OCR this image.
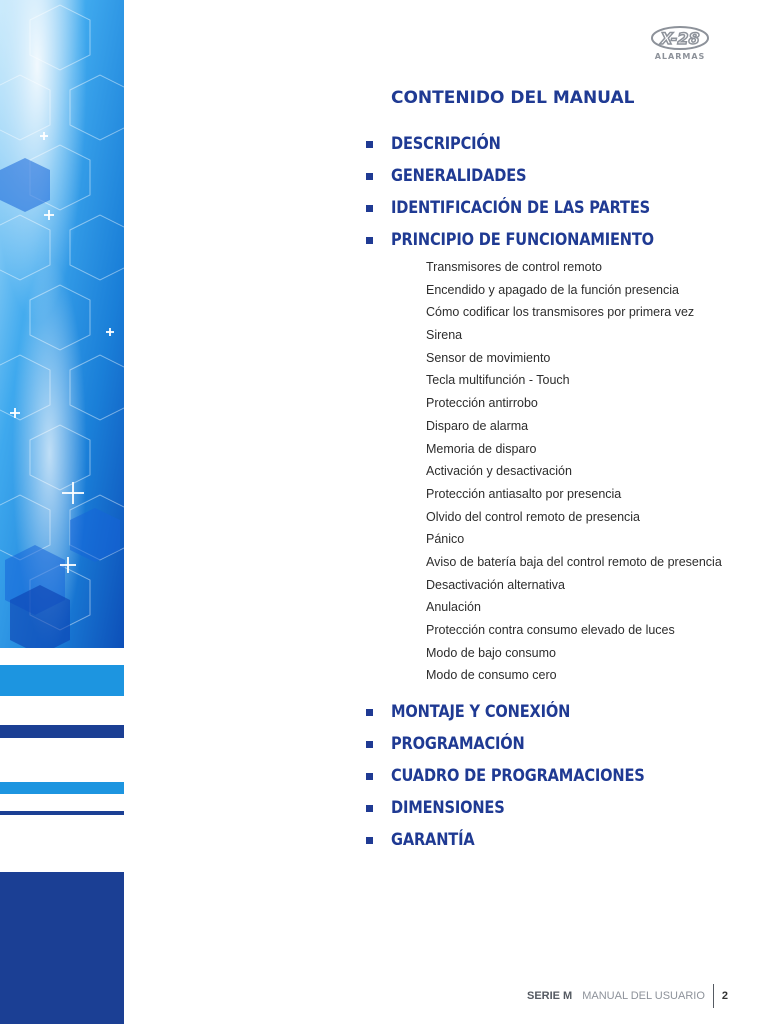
X-28
ALARMAS
CONTENIDO DEL MANUAL
DESCRIPCIÓN
GENERALIDADES
IDENTIFICACIÓN DE LAS PARTES
PRINCIPIO DE FUNCIONAMIENTO
Transmisores de control remoto
Encendido y apagado de la función presencia
Cómo codificar los transmisores por primera vez
Sirena
Sensor de movimiento
Tecla multifunción - Touch
Protección antirrobo
Disparo de alarma
Memoria de disparo
Activación y desactivación
Protección antiasalto por presencia
Olvido del control remoto de presencia
Pánico
Aviso de batería baja del control remoto de presencia
Desactivación alternativa
Anulación
Protección contra consumo elevado de luces
Modo de bajo consumo
Modo de consumo cero
MONTAJE Y CONEXIÓN
PROGRAMACIÓN
CUADRO DE PROGRAMACIONES
DIMENSIONES
GARANTÍA
SERIE M MANUAL DEL USUARIO 2
